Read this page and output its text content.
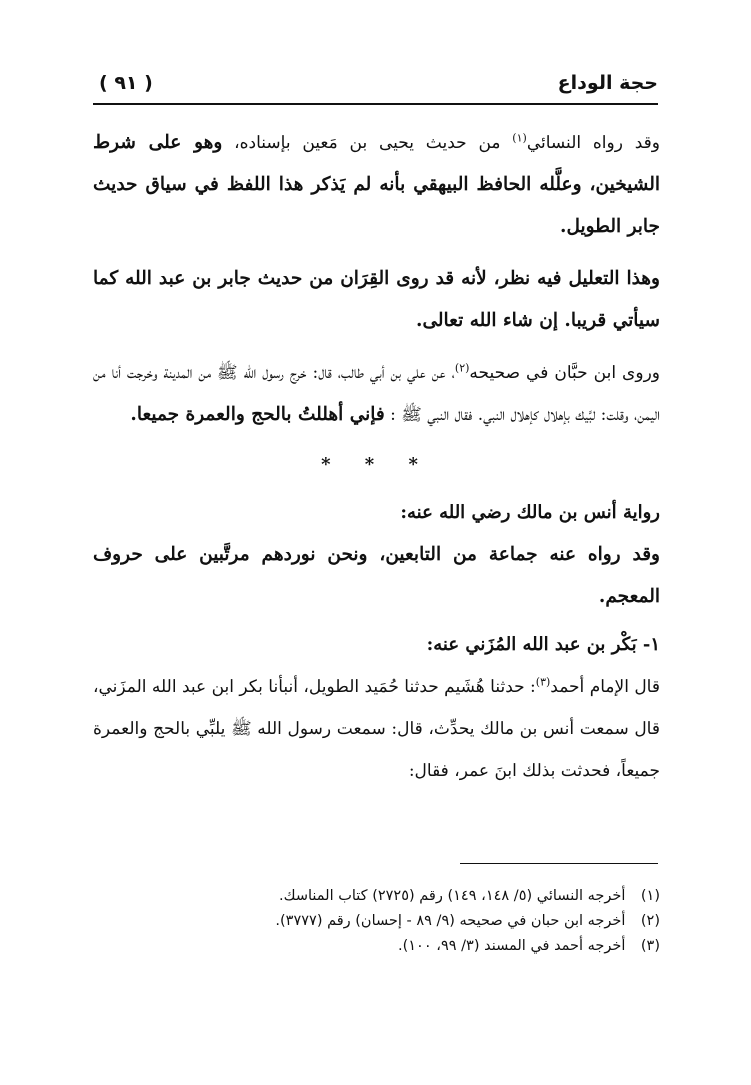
حجة الوداع
( ٩١ )

وقد رواه النسائي$^{(١)}$ من حديث يحيى بن مَعين بإسناده، وهو على شرط الشيخين، وعلَّله الحافظ البيهقي بأنه لم يَذكر هذا اللفظ في سياق حديث جابر الطويل.

وهذا التعليل فيه نظر، لأنه قد روى القِرَان من حديث جابر بن عبد الله كما سيأتي قريبا. إن شاء الله تعالى.

وروى ابن حبَّان في صحيحه$^{(٢)}$، عن علي بن أبي طالب، قال: خرج رسول الله ﷺ من المدينة وخرجت أنا من اليمن، وقلت: لبَّيك بإهلال كإهلال النبي. فقال النبي ﷺ : فإني أهللتُ بالحج والعمرة جميعا.

* * *

رواية أنس بن مالك رضي الله عنه:

وقد رواه عنه جماعة من التابعين، ونحن نوردهم مرتَّبين على حروف المعجم.

١- بَكْر بن عبد الله المُزَني عنه:

قال الإمام أحمد$^{(٣)}$: حدثنا هُشَيم حدثنا حُمَيد الطويل، أنبأنا بكر ابن عبد الله المزَني، قال سمعت أنس بن مالك يحدِّث، قال: سمعت رسول الله ﷺ يلبِّي بالحج والعمرة جميعاً، فحدثت بذلك ابنَ عمر، فقال:

(١) أخرجه النسائي (٥/ ١٤٨، ١٤٩) رقم (٢٧٢٥) كتاب المناسك.

(٢) أخرجه ابن حبان في صحيحه (٩/ ٨٩ - إحسان) رقم (٣٧٧٧).

(٣) أخرجه أحمد في المسند (٣/ ٩٩، ١٠٠).
